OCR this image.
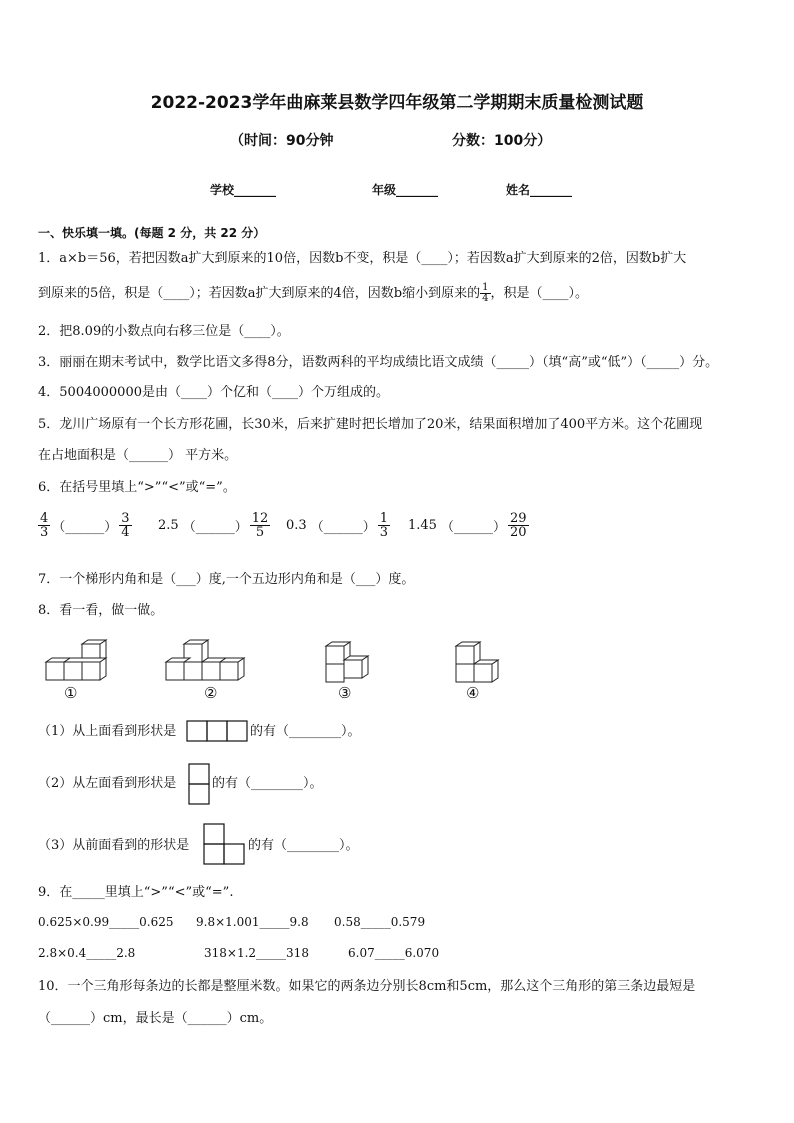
2022-2023学年曲麻莱县数学四年级第二学期期末质量检测试题
（时间：90分钟	分数：100分）
学校_______	年级_______	姓名_______
一、快乐填一填。(每题 2 分，共 22 分）
1．a×b＝56，若把因数a扩大到原来的10倍，因数b不变，积是（____）；若因数a扩大到原来的2倍，因数b扩大
到原来的5倍，积是（____）；若因数a扩大到原来的4倍，因数b缩小到原来的 $\frac{1}{4}$ ，积是（____）。
2．把8.09的小数点向右移三位是（____）。
3．丽丽在期末考试中，数学比语文多得8分，语数两科的平均成绩比语文成绩（_____）（填“高”或“低”）（_____）分。
4．5004000000是由（____）个亿和（____）个万组成的。
5．龙川广场原有一个长方形花圃，长30米，后来扩建时把长增加了20米，结果面积增加了400平方米。这个花圃现
在占地面积是（______） 平方米。
6．在括号里填上“>”“<”或“=”。
$\frac{4}{3}$ （______） $\frac{3}{4} 2.5$ （______） $\frac{12}{5} 0.3$ （______） $\frac{1}{3} 1.45$ （______） $\frac{29}{20}$
7．一个梯形内角和是（___）度,一个五边形内角和是（___）度。
8．看一看，做一做。
①	②	③	④
（1）从上面看到形状是	的有（________）。
（2）从左面看到形状是	的有（________）。
（3）从前面看到的形状是	的有（________）。
9．在_____里填上“>”“<”或“=”.
0.625×0.99_____0.625 9.8×1.001_____9.8 0.58_____0.579
2.8×0.4_____2.8	318×1.2_____318	6.07_____6.070
10．一个三角形每条边的长都是整厘米数。如果它的两条边分别长8cm和5cm，那么这个三角形的第三条边最短是
（______）cm，最长是（______）cm。
